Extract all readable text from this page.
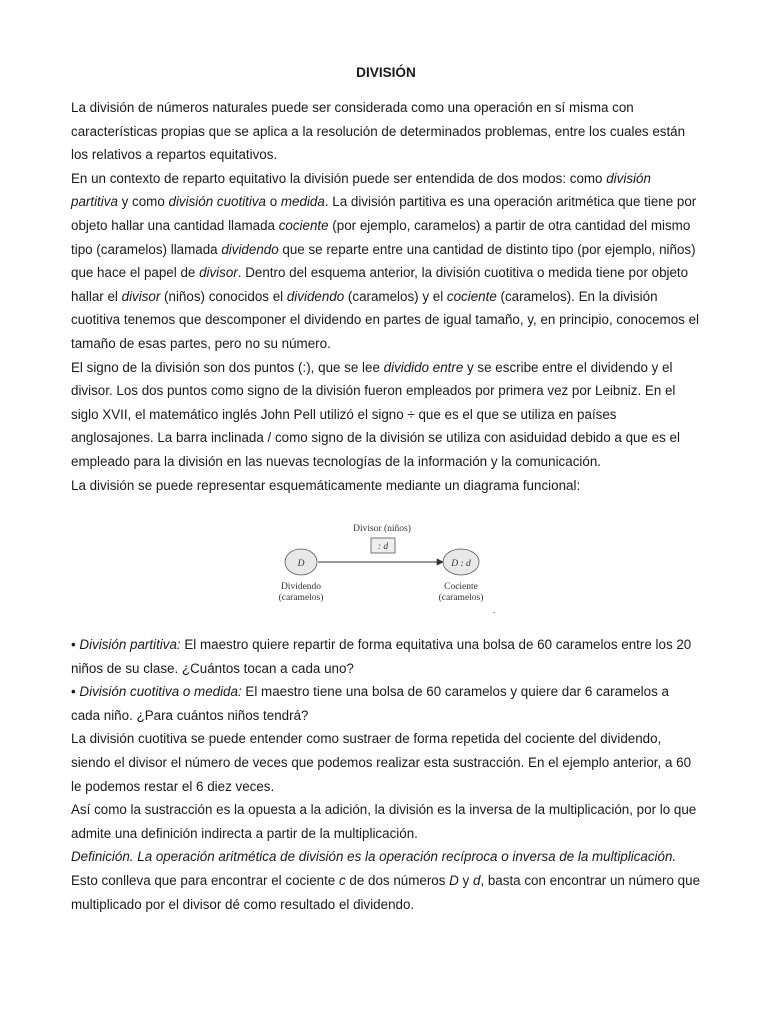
DIVISIÓN

La división de números naturales puede ser considerada como una operación en sí misma con características propias que se aplica a la resolución de determinados problemas, entre los cuales están los relativos a repartos equitativos.

En un contexto de reparto equitativo la división puede ser entendida de dos modos: como división partitiva y como división cuotitiva o medida. La división partitiva es una operación aritmética que tiene por objeto hallar una cantidad llamada cociente (por ejemplo, caramelos) a partir de otra cantidad del mismo tipo (caramelos) llamada dividendo que se reparte entre una cantidad de distinto tipo (por ejemplo, niños) que hace el papel de divisor. Dentro del esquema anterior, la división cuotitiva o medida tiene por objeto hallar el divisor (niños) conocidos el dividendo (caramelos) y el cociente (caramelos). En la división cuotitiva tenemos que descomponer el dividendo en partes de igual tamaño, y, en principio, conocemos el tamaño de esas partes, pero no su número.

El signo de la división son dos puntos (:), que se lee dividido entre y se escribe entre el dividendo y el divisor. Los dos puntos como signo de la división fueron empleados por primera vez por Leibniz. En el siglo XVII, el matemático inglés John Pell utilizó el signo ÷ que es el que se utiliza en países anglosajones. La barra inclinada / como signo de la división se utiliza con asiduidad debido a que es el empleado para la división en las nuevas tecnologías de la información y la comunicación.

La división se puede representar esquemáticamente mediante un diagrama funcional:

Divisor (niños)
: d
D	D : d
Dividendo
(caramelos)
Cociente
(caramelos)
.

• División partitiva: El maestro quiere repartir de forma equitativa una bolsa de 60 caramelos entre los 20 niños de su clase. ¿Cuántos tocan a cada uno?

• División cuotitiva o medida: El maestro tiene una bolsa de 60 caramelos y quiere dar 6 caramelos a cada niño. ¿Para cuántos niños tendrá?

La división cuotitiva se puede entender como sustraer de forma repetida del cociente del dividendo, siendo el divisor el número de veces que podemos realizar esta sustracción. En el ejemplo anterior, a 60 le podemos restar el 6 diez veces.

Así como la sustracción es la opuesta a la adición, la división es la inversa de la multiplicación, por lo que admite una definición indirecta a partir de la multiplicación.

Definición. La operación aritmética de división es la operación recíproca o inversa de la multiplicación.

Esto conlleva que para encontrar el cociente c de dos números D y d, basta con encontrar un número que multiplicado por el divisor dé como resultado el dividendo.
